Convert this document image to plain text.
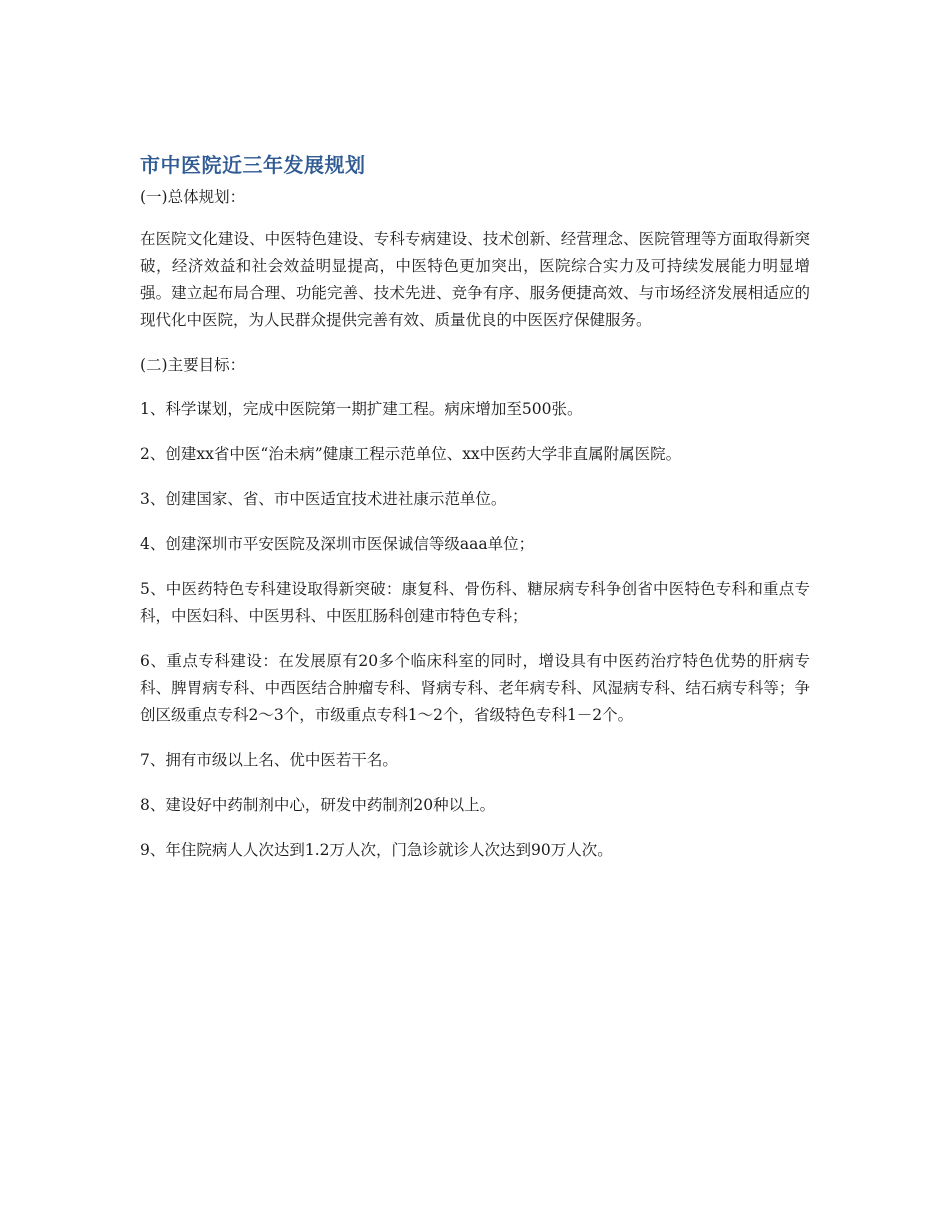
市中医院近三年发展规划

(一)总体规划：

在医院文化建设、中医特色建设、专科专病建设、技术创新、经营理念、医院管理等方面取得新突破，经济效益和社会效益明显提高，中医特色更加突出，医院综合实力及可持续发展能力明显增强。建立起布局合理、功能完善、技术先进、竞争有序、服务便捷高效、与市场经济发展相适应的现代化中医院，为人民群众提供完善有效、质量优良的中医医疗保健服务。

(二)主要目标：

1、科学谋划，完成中医院第一期扩建工程。病床增加至500张。

2、创建xx省中医“治未病”健康工程示范单位、xx中医药大学非直属附属医院。

3、创建国家、省、市中医适宜技术进社康示范单位。

4、创建深圳市平安医院及深圳市医保诚信等级aaa单位；

5、中医药特色专科建设取得新突破：康复科、骨伤科、糖尿病专科争创省中医特色专科和重点专科，中医妇科、中医男科、中医肛肠科创建市特色专科；

6、重点专科建设：在发展原有20多个临床科室的同时，增设具有中医药治疗特色优势的肝病专科、脾胃病专科、中西医结合肿瘤专科、肾病专科、老年病专科、风湿病专科、结石病专科等；争创区级重点专科2～3个，市级重点专科1～2个，省级特色专科1－2个。

7、拥有市级以上名、优中医若干名。

8、建设好中药制剂中心，研发中药制剂20种以上。

9、年住院病人人次达到1.2万人次，门急诊就诊人次达到90万人次。
